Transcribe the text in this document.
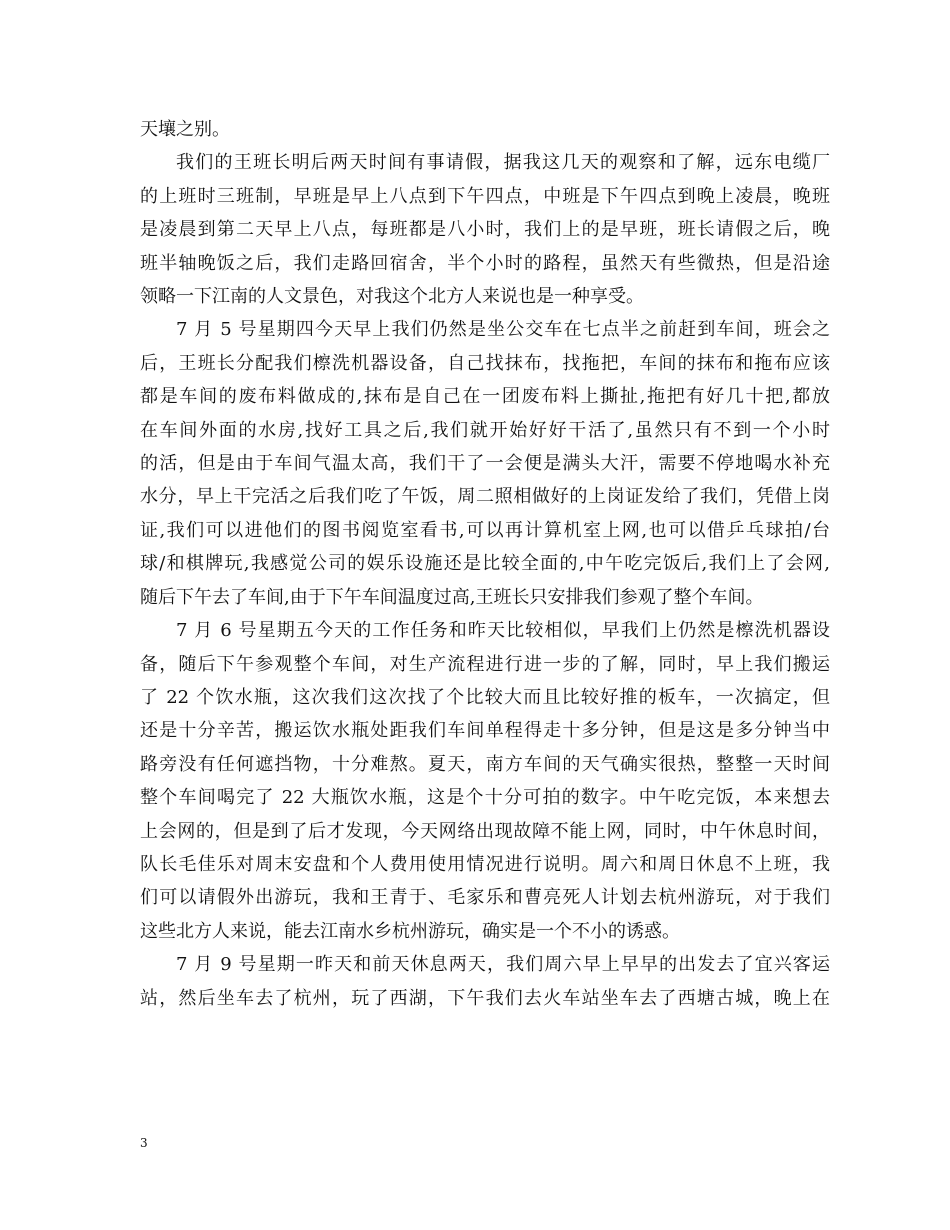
天壤之别。
我们的王班长明后两天时间有事请假，据我这几天的观察和了解，远东电缆厂
的上班时三班制，早班是早上八点到下午四点，中班是下午四点到晚上凌晨，晚班
是凌晨到第二天早上八点，每班都是八小时，我们上的是早班，班长请假之后，晚
班半轴晚饭之后，我们走路回宿舍，半个小时的路程，虽然天有些微热，但是沿途
领略一下江南的人文景色，对我这个北方人来说也是一种享受。
7 月 5 号星期四今天早上我们仍然是坐公交车在七点半之前赶到车间，班会之
后，王班长分配我们檫洗机器设备，自己找抹布，找拖把，车间的抹布和拖布应该
都是车间的废布料做成的,抹布是自己在一团废布料上撕扯,拖把有好几十把,都放
在车间外面的水房,找好工具之后,我们就开始好好干活了,虽然只有不到一个小时
的活，但是由于车间气温太高，我们干了一会便是满头大汗，需要不停地喝水补充
水分，早上干完活之后我们吃了午饭，周二照相做好的上岗证发给了我们，凭借上岗
证,我们可以进他们的图书阅览室看书,可以再计算机室上网,也可以借乒乓球拍/台
球/和棋牌玩,我感觉公司的娱乐设施还是比较全面的,中午吃完饭后,我们上了会网,
随后下午去了车间,由于下午车间温度过高,王班长只安排我们参观了整个车间。
7 月 6 号星期五今天的工作任务和昨天比较相似，早我们上仍然是檫洗机器设
备，随后下午参观整个车间，对生产流程进行进一步的了解，同时，早上我们搬运
了 22 个饮水瓶，这次我们这次找了个比较大而且比较好推的板车，一次搞定，但
还是十分辛苦，搬运饮水瓶处距我们车间单程得走十多分钟，但是这是多分钟当中
路旁没有任何遮挡物，十分难熬。夏天，南方车间的天气确实很热，整整一天时间
整个车间喝完了 22 大瓶饮水瓶，这是个十分可拍的数字。中午吃完饭，本来想去
上会网的，但是到了后才发现，今天网络出现故障不能上网，同时，中午休息时间，
队长毛佳乐对周末安盘和个人费用使用情况进行说明。周六和周日休息不上班，我
们可以请假外出游玩，我和王青于、毛家乐和曹亮死人计划去杭州游玩，对于我们
这些北方人来说，能去江南水乡杭州游玩，确实是一个不小的诱惑。
7 月 9 号星期一昨天和前天休息两天，我们周六早上早早的出发去了宜兴客运
站，然后坐车去了杭州，玩了西湖，下午我们去火车站坐车去了西塘古城，晚上在
3
